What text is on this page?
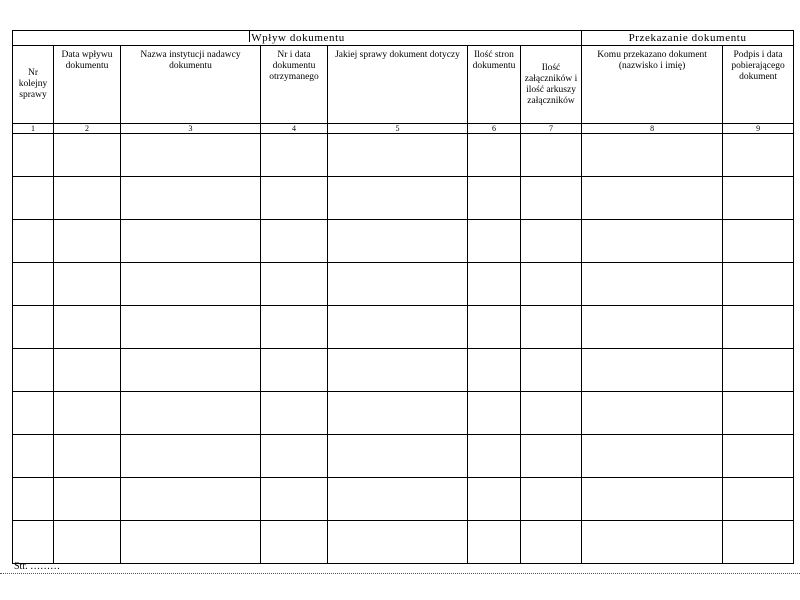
Wpływ dokumentu							Przekazanie dokumentu	
Nr kolejny sprawy	Data wpływu dokumentu	Nazwa instytucji nadawcy dokumentu	Nr i data dokumentu otrzymanego	Jakiej sprawy dokument dotyczy	Ilość stron dokumentu	Ilość załączników i ilość arkuszy załączników	Komu przekazano dokument (nazwisko i imię)	Podpis i data pobierającego dokument
1	2	3	4	5	6	7	8	9

Str. ………
